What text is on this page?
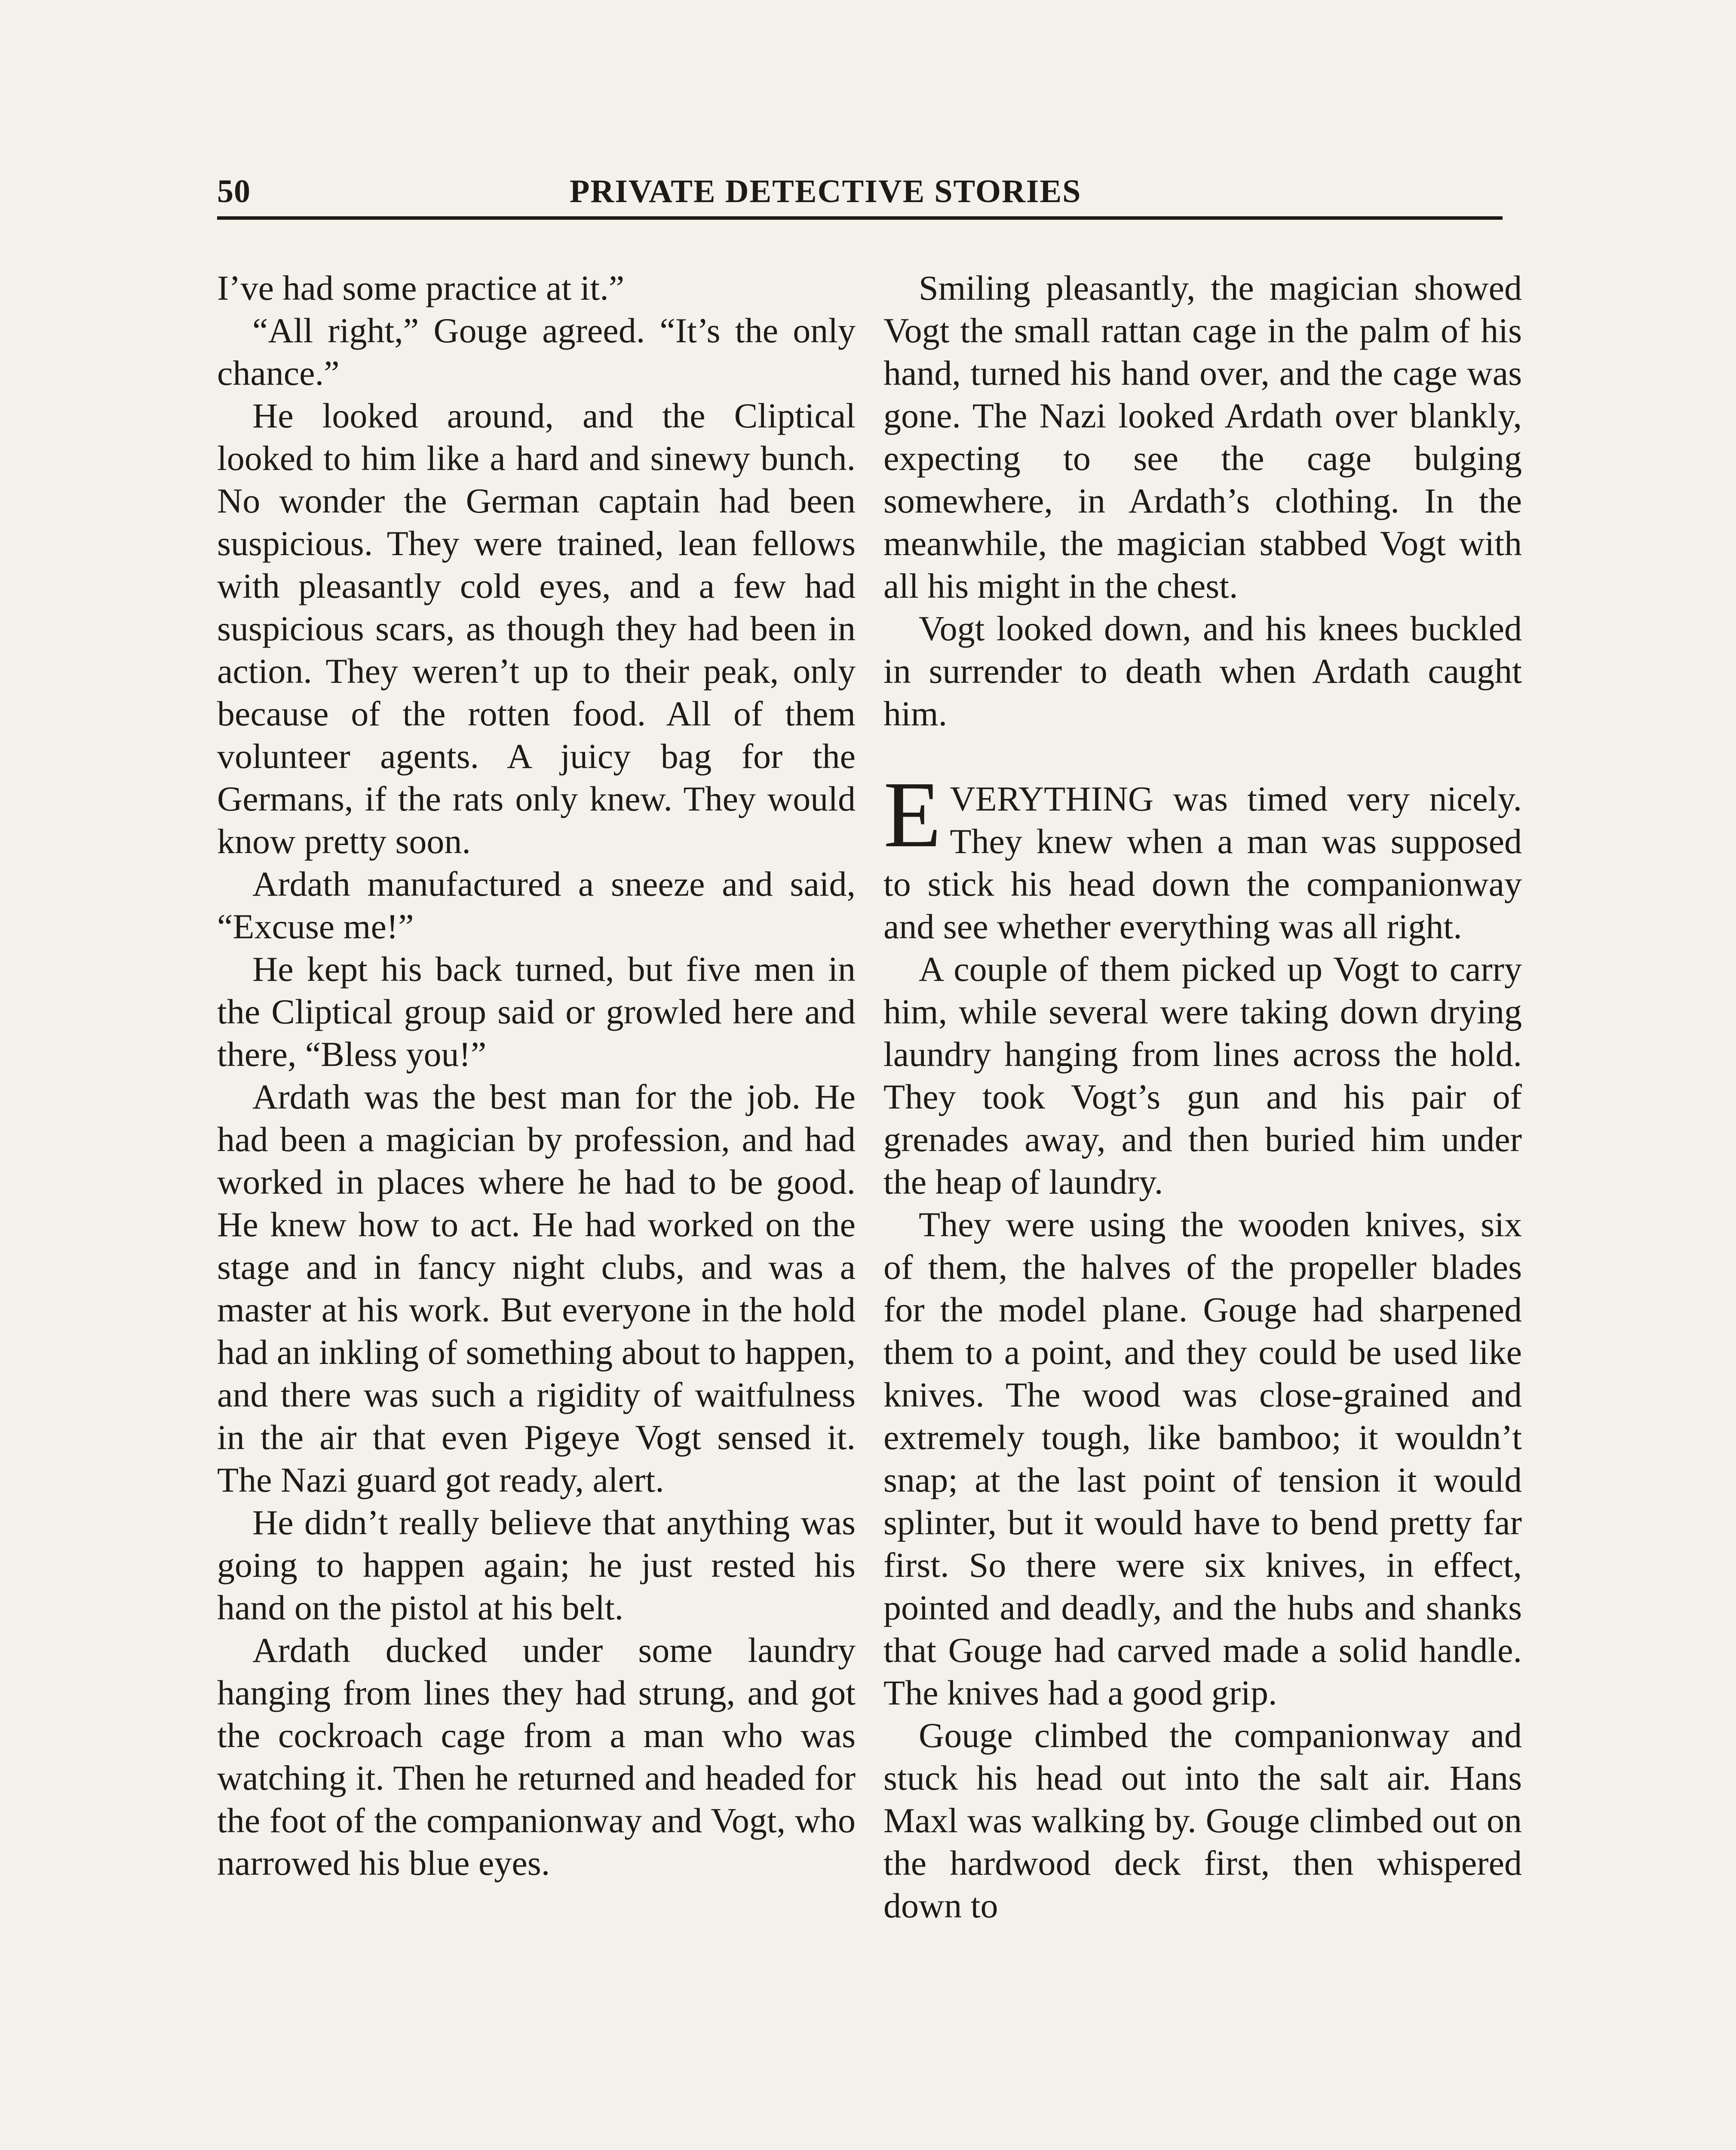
50	PRIVATE DETECTIVE STORIES

I’ve had some practice at it.”

“All right,” Gouge agreed. “It’s the only chance.”

He looked around, and the Cliptical looked to him like a hard and sinewy bunch. No wonder the German captain had been suspicious. They were trained, lean fellows with pleasantly cold eyes, and a few had suspicious scars, as though they had been in action. They weren’t up to their peak, only because of the rotten food. All of them volunteer agents. A juicy bag for the Germans, if the rats only knew. They would know pretty soon.

Ardath manufactured a sneeze and said, “Excuse me!”

He kept his back turned, but five men in the Cliptical group said or growled here and there, “Bless you!”

Ardath was the best man for the job. He had been a magician by profession, and had worked in places where he had to be good. He knew how to act. He had worked on the stage and in fancy night clubs, and was a master at his work. But everyone in the hold had an inkling of something about to happen, and there was such a rigidity of waitfulness in the air that even Pigeye Vogt sensed it. The Nazi guard got ready, alert.

He didn’t really believe that anything was going to happen again; he just rested his hand on the pistol at his belt.

Ardath ducked under some laundry hanging from lines they had strung, and got the cockroach cage from a man who was watching it. Then he returned and headed for the foot of the companionway and Vogt, who narrowed his blue eyes.

Smiling pleasantly, the magician showed Vogt the small rattan cage in the palm of his hand, turned his hand over, and the cage was gone. The Nazi looked Ardath over blankly, expecting to see the cage bulging somewhere, in Ardath’s clothing. In the meanwhile, the magician stabbed Vogt with all his might in the chest.

Vogt looked down, and his knees buckled in surrender to death when Ardath caught him.

E VERYTHING was timed very nicely. They knew when a man was supposed to stick his head down the companionway and see whether everything was all right.

A couple of them picked up Vogt to carry him, while several were taking down drying laundry hanging from lines across the hold. They took Vogt’s gun and his pair of grenades away, and then buried him under the heap of laundry.

They were using the wooden knives, six of them, the halves of the propeller blades for the model plane. Gouge had sharpened them to a point, and they could be used like knives. The wood was close-grained and extremely tough, like bamboo; it wouldn’t snap; at the last point of tension it would splinter, but it would have to bend pretty far first. So there were six knives, in effect, pointed and deadly, and the hubs and shanks that Gouge had carved made a solid handle. The knives had a good grip.

Gouge climbed the companionway and stuck his head out into the salt air. Hans Maxl was walking by. Gouge climbed out on the hardwood deck first, then whispered down to
